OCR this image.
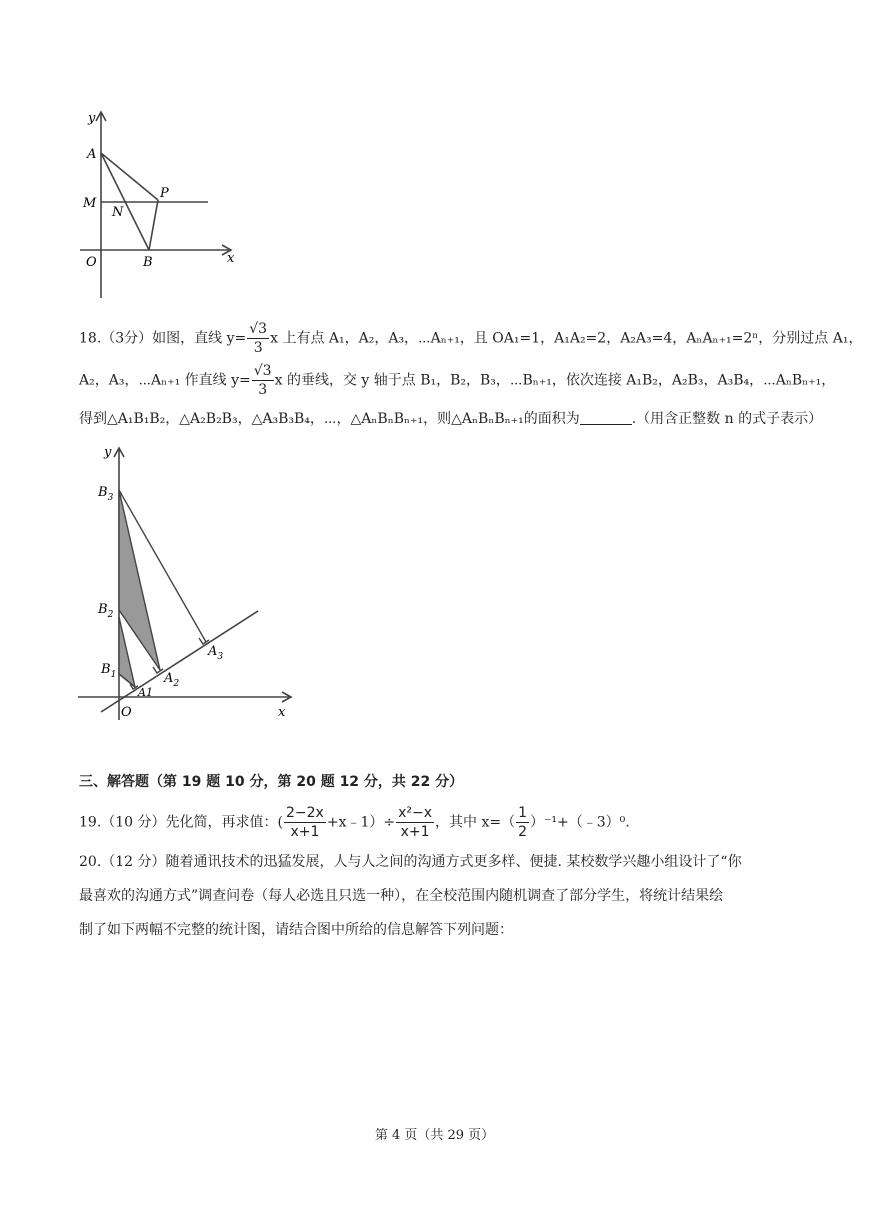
y
A
M
N
P
O	B	x
18.（3分）如图，直线 $y= \frac{√3}{3}$ x 上有点 A₁，A₂，A₃，⋯Aₙ₊₁，且 OA₁=1，A₁A₂=2，A₂A₃=4，AₙAₙ₊₁=2ⁿ，分别过点 A₁，
A₂，A₃，⋯Aₙ₊₁ 作直线 $y= \frac{√3}{3}$ x 的垂线，交 y 轴于点 B₁，B₂，B₃，⋯Bₙ₊₁，依次连接 A₁B₂，A₂B₃，A₃B₄，⋯AₙBₙ₊₁，
得到△A₁B₁B₂，△A₂B₂B₃，△A₃B₃B₄，⋯，△AₙBₙBₙ₊₁，则△AₙBₙBₙ₊₁的面积为	.（用含正整数 n 的式子表示）
y
$B_3$
$B_2$
$B_1$
A1
$A_2$
$A_3$
O	x
三、解答题（第 19 题 10 分，第 20 题 12 分，共 22 分）
19.（10 分）先化简，再求值：( $\frac{2-2x}{x+1}$ +x﹣1）÷ $\frac{\text{x²−x}}{x+1}$ ，其中 $x=( \frac{1}{2}$ ）⁻¹+（﹣3）⁰.
20.（12 分）随着通讯技术的迅猛发展，人与人之间的沟通方式更多样、便捷. 某校数学兴趣小组设计了“你
最喜欢的沟通方式”调查问卷（每人必选且只选一种），在全校范围内随机调查了部分学生，将统计结果绘
制了如下两幅不完整的统计图，请结合图中所给的信息解答下列问题：
第 4 页（共 29 页）
